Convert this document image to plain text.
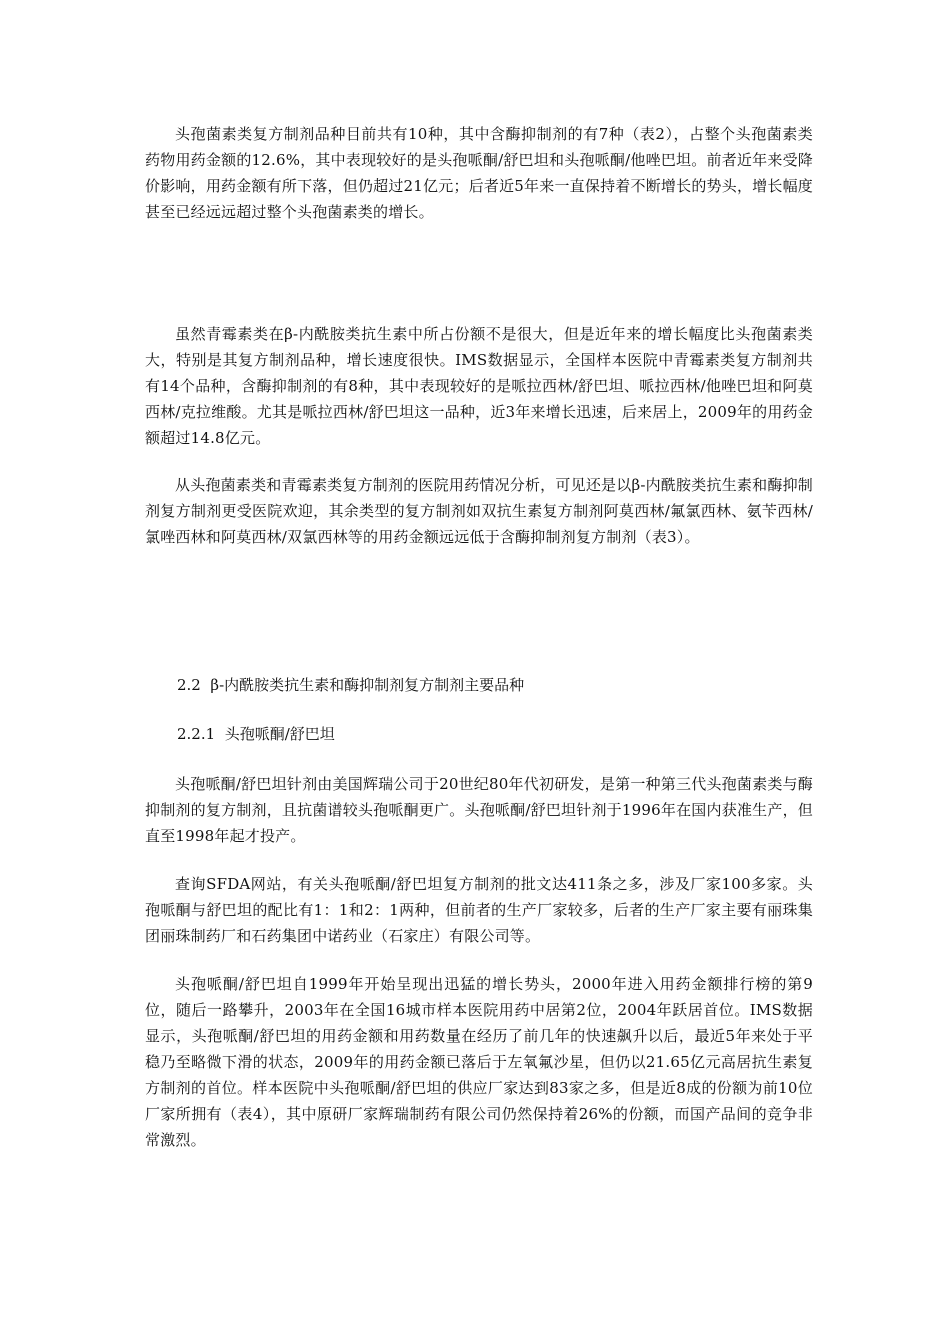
头孢菌素类复方制剂品种目前共有10种，其中含酶抑制剂的有7种（表2），占整个头孢菌素类药物用药金额的12.6%，其中表现较好的是头孢哌酮/舒巴坦和头孢哌酮/他唑巴坦。前者近年来受降价影响，用药金额有所下落，但仍超过21亿元；后者近5年来一直保持着不断增长的势头，增长幅度甚至已经远远超过整个头孢菌素类的增长。

虽然青霉素类在β-内酰胺类抗生素中所占份额不是很大，但是近年来的增长幅度比头孢菌素类大，特别是其复方制剂品种，增长速度很快。IMS数据显示，全国样本医院中青霉素类复方制剂共有14个品种，含酶抑制剂的有8种，其中表现较好的是哌拉西林/舒巴坦、哌拉西林/他唑巴坦和阿莫西林/克拉维酸。尤其是哌拉西林/舒巴坦这一品种，近3年来增长迅速，后来居上，2009年的用药金额超过14.8亿元。

从头孢菌素类和青霉素类复方制剂的医院用药情况分析，可见还是以β-内酰胺类抗生素和酶抑制剂复方制剂更受医院欢迎，其余类型的复方制剂如双抗生素复方制剂阿莫西林/氟氯西林、氨苄西林/氯唑西林和阿莫西林/双氯西林等的用药金额远远低于含酶抑制剂复方制剂（表3）。

2.2  β-内酰胺类抗生素和酶抑制剂复方制剂主要品种

2.2.1  头孢哌酮/舒巴坦

头孢哌酮/舒巴坦针剂由美国辉瑞公司于20世纪80年代初研发，是第一种第三代头孢菌素类与酶抑制剂的复方制剂，且抗菌谱较头孢哌酮更广。头孢哌酮/舒巴坦针剂于1996年在国内获准生产，但直至1998年起才投产。

查询SFDA网站，有关头孢哌酮/舒巴坦复方制剂的批文达411条之多，涉及厂家100多家。头孢哌酮与舒巴坦的配比有1：1和2：1两种，但前者的生产厂家较多，后者的生产厂家主要有丽珠集团丽珠制药厂和石药集团中诺药业（石家庄）有限公司等。

头孢哌酮/舒巴坦自1999年开始呈现出迅猛的增长势头，2000年进入用药金额排行榜的第9位，随后一路攀升，2003年在全国16城市样本医院用药中居第2位，2004年跃居首位。IMS数据显示，头孢哌酮/舒巴坦的用药金额和用药数量在经历了前几年的快速飙升以后，最近5年来处于平稳乃至略微下滑的状态，2009年的用药金额已落后于左氧氟沙星，但仍以21.65亿元高居抗生素复方制剂的首位。样本医院中头孢哌酮/舒巴坦的供应厂家达到83家之多，但是近8成的份额为前10位厂家所拥有（表4），其中原研厂家辉瑞制药有限公司仍然保持着26%的份额，而国产品间的竞争非常激烈。
